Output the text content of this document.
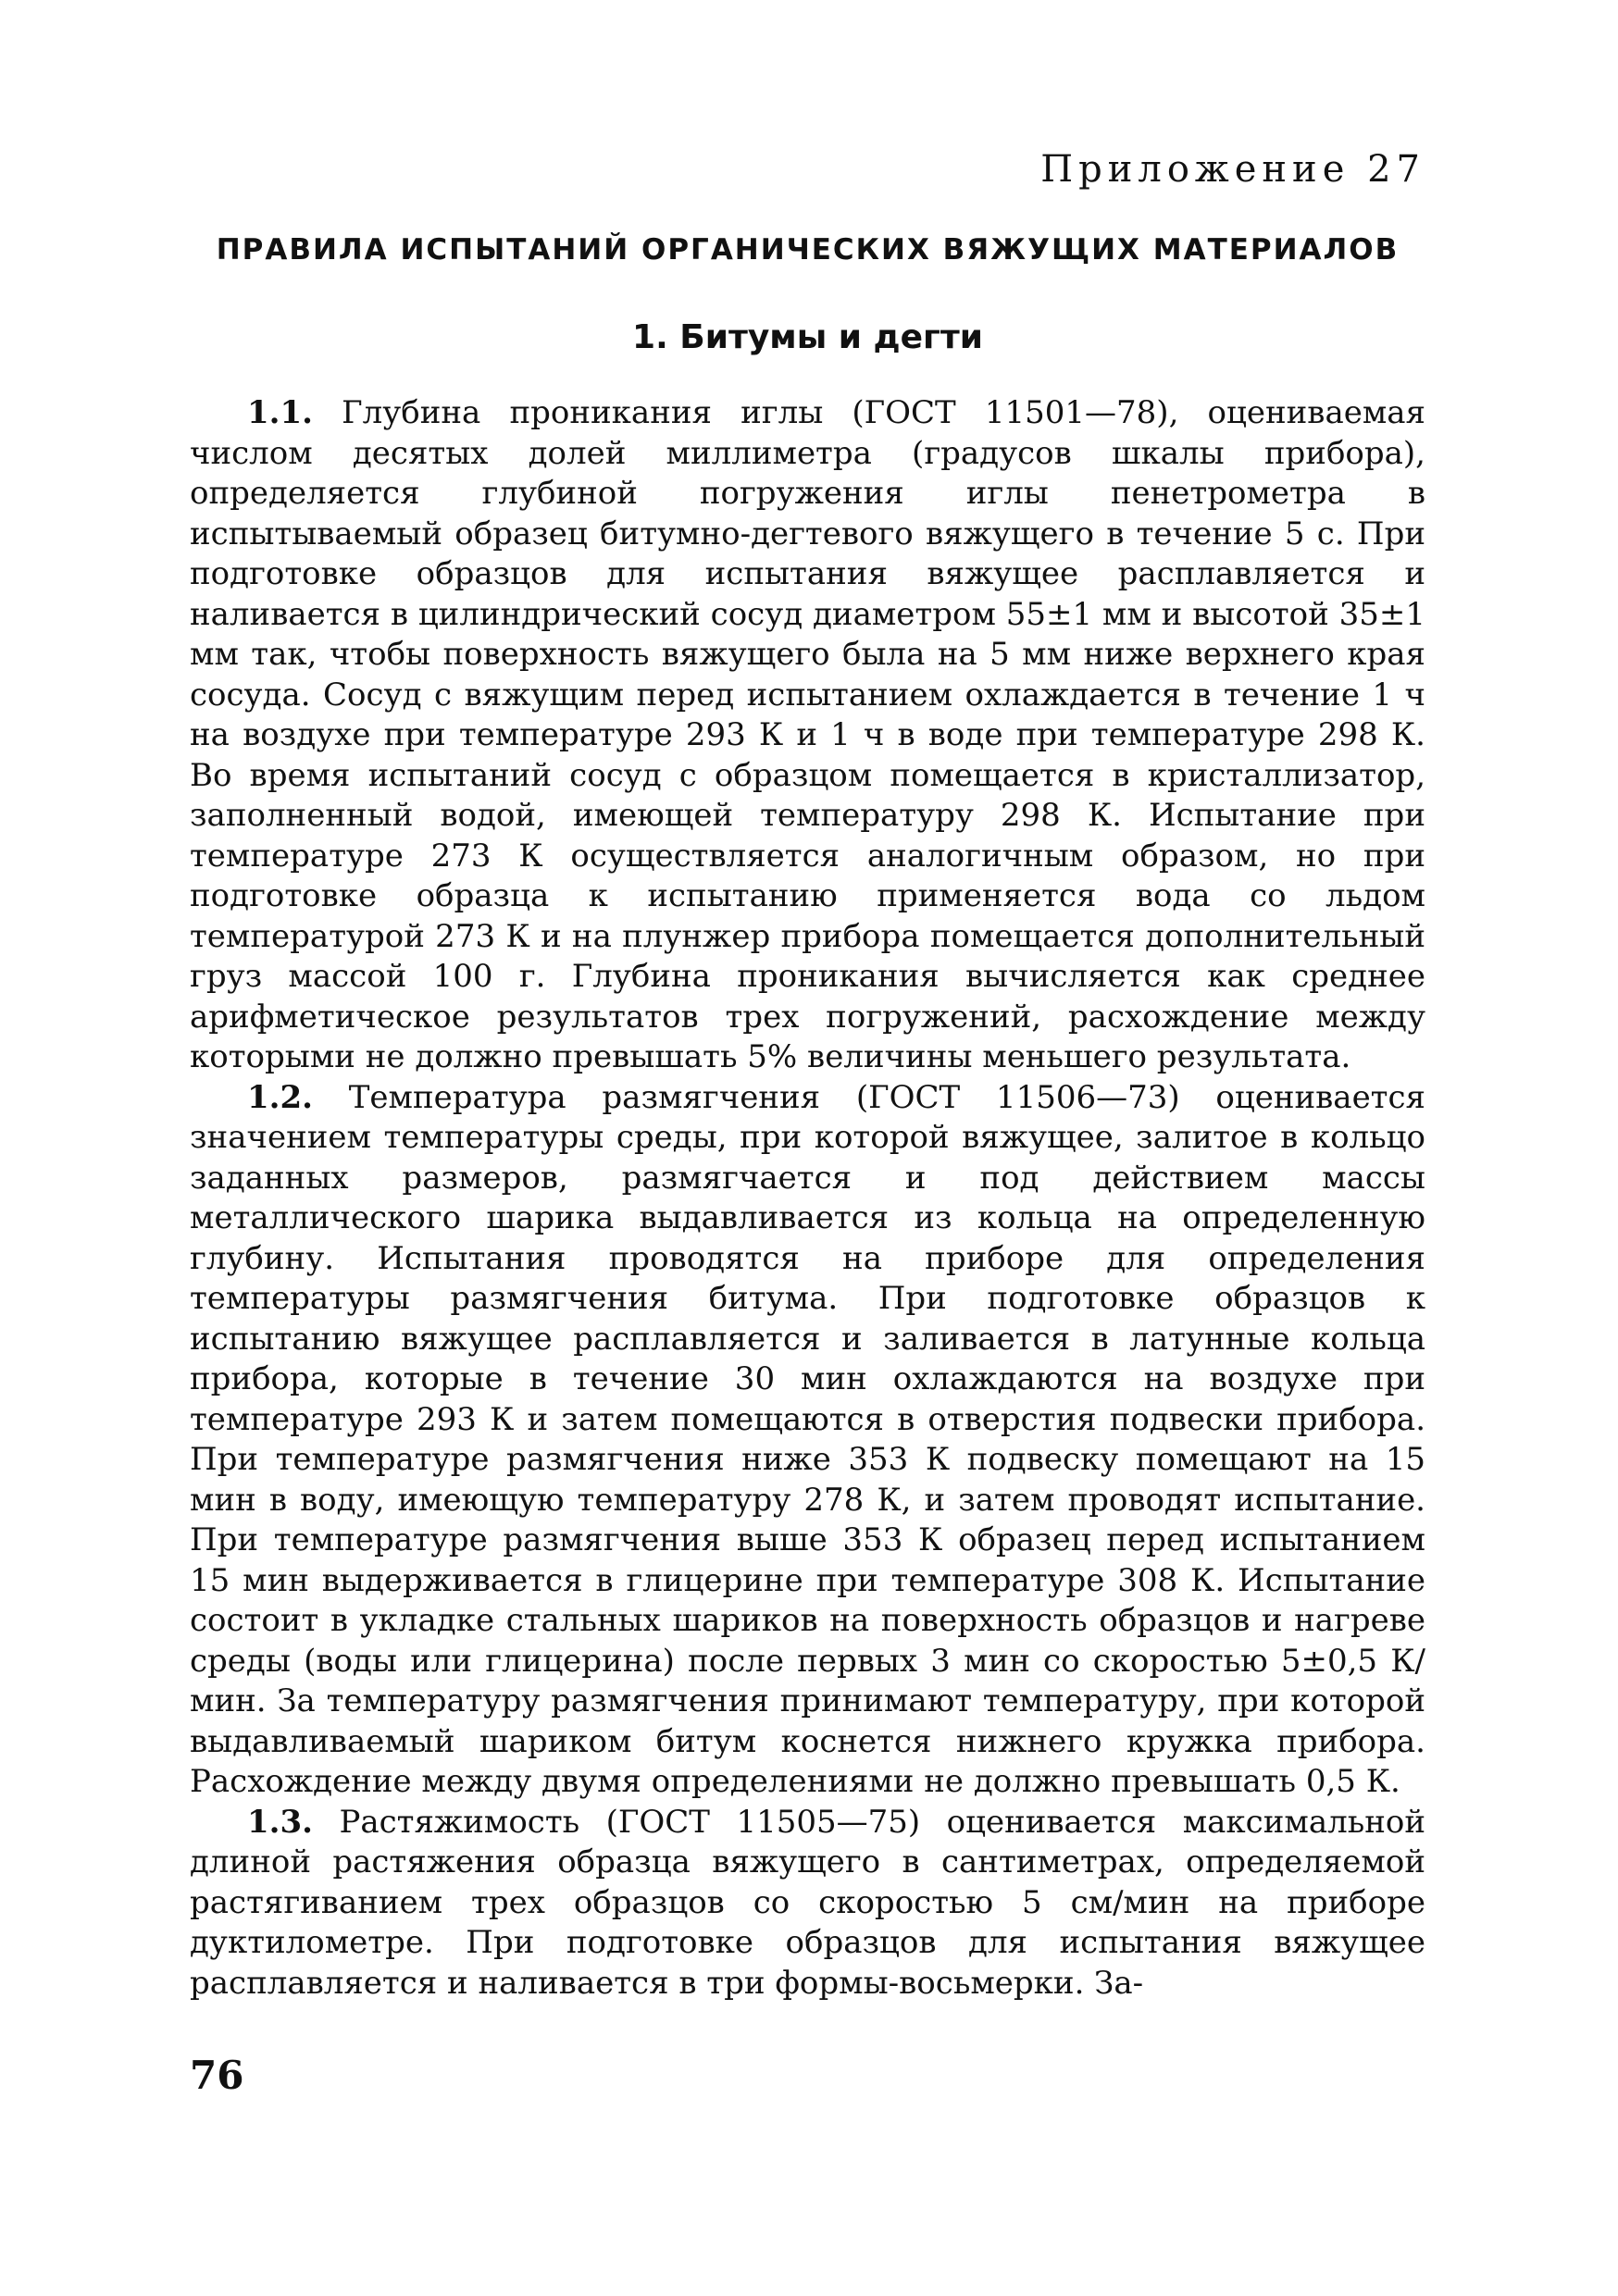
Приложение 27
ПРАВИЛА ИСПЫТАНИЙ ОРГАНИЧЕСКИХ ВЯЖУЩИХ МАТЕРИАЛОВ
1. Битумы и дегти

1.1. Глубина проникания иглы (ГОСТ 11501—78), оцениваемая числом десятых долей миллиметра (градусов шкалы прибора), определяется глубиной погружения иглы пенетрометра в испытываемый образец битумно-дегтевого вяжущего в течение 5 с. При подготовке образцов для испытания вяжущее расплавляется и наливается в цилиндрический сосуд диаметром 55±1 мм и высотой 35±1 мм так, чтобы поверхность вяжущего была на 5 мм ниже верхнего края сосуда. Сосуд с вяжущим перед испытанием охлаждается в течение 1 ч на воздухе при температуре 293 К и 1 ч в воде при температуре 298 К. Во время испытаний сосуд с образцом помещается в кристаллизатор, заполненный водой, имеющей температуру 298 К. Испытание при температуре 273 К осуществляется аналогичным образом, но при подготовке образца к испытанию применяется вода со льдом температурой 273 К и на плунжер прибора помещается дополнительный груз массой 100 г. Глубина проникания вычисляется как среднее арифметическое результатов трех погружений, расхождение между которыми не должно превышать 5% величины меньшего результата.

1.2. Температура размягчения (ГОСТ 11506—73) оценивается значением температуры среды, при которой вяжущее, залитое в кольцо заданных размеров, размягчается и под действием массы металлического шарика выдавливается из кольца на определенную глубину. Испытания проводятся на приборе для определения температуры размягчения битума. При подготовке образцов к испытанию вяжущее расплавляется и заливается в латунные кольца прибора, которые в течение 30 мин охлаждаются на воздухе при температуре 293 К и затем помещаются в отверстия подвески прибора. При температуре размягчения ниже 353 К подвеску помещают на 15 мин в воду, имеющую температуру 278 К, и затем проводят испытание. При температуре размягчения выше 353 К образец перед испытанием 15 мин выдерживается в глицерине при температуре 308 К. Испытание состоит в укладке стальных шариков на поверхность образцов и нагреве среды (воды или глицерина) после первых 3 мин со скоростью 5±0,5 К/мин. За температуру размягчения принимают температуру, при которой выдавливаемый шариком битум коснется нижнего кружка прибора. Расхождение между двумя определениями не должно превышать 0,5 К.

1.3. Растяжимость (ГОСТ 11505—75) оценивается максимальной длиной растяжения образца вяжущего в сантиметрах, определяемой растягиванием трех образцов со скоростью 5 см/мин на приборе дуктилометре. При подготовке образцов для испытания вяжущее расплавляется и наливается в три формы-восьмерки. За-

76
